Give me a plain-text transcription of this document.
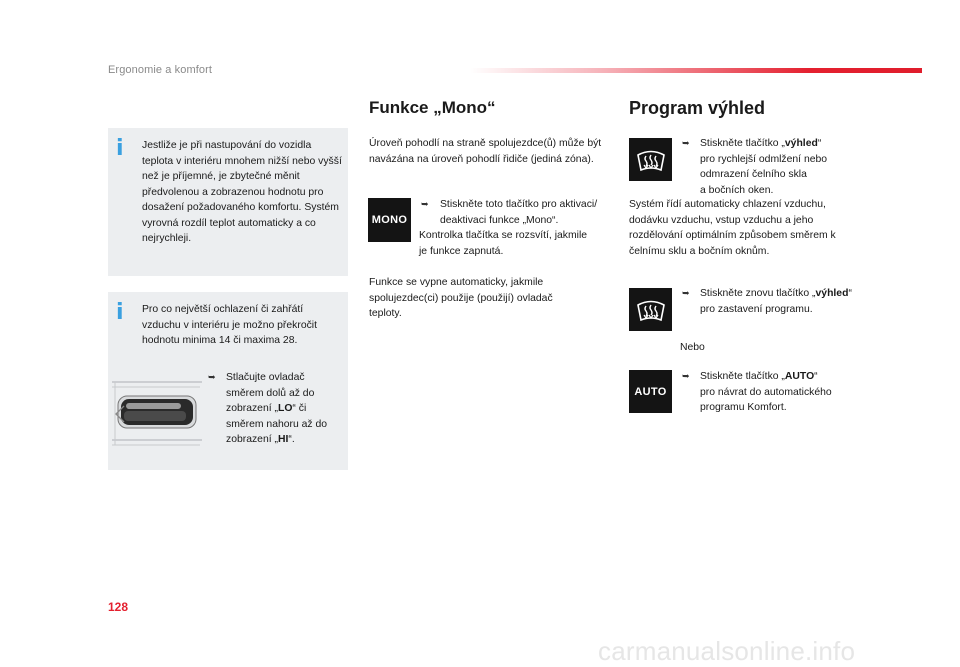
Ergonomie a komfort
i Jestliže je při nastupování do vozidla teplota v interiéru mnohem nižší nebo vyšší než je příjemné, je zbytečné měnit předvolenou a zobrazenou hodnotu pro dosažení požadovaného komfortu. Systém vyrovná rozdíl teplot automaticky a co nejrychleji.
i Pro co největší ochlazení či zahřátí vzduchu v interiéru je možno překročit hodnotu minima 14 či maxima 28.
➥ Stlačujte ovladač
směrem dolů až do
zobrazení „LO“ či
směrem nahoru až do
zobrazení „HI“.
Funkce „Mono“
Úroveň pohodlí na straně spolujezdce(ů) může být navázána na úroveň pohodlí řidiče (jediná zóna).
MONO
➥	Stiskněte toto tlačítko pro aktivaci/
deaktivaci funkce „Mono“.
Kontrolka tlačítka se rozsvítí, jakmile
je funkce zapnutá.
Funkce se vypne automaticky, jakmile spolujezdec(ci) použije (použijí) ovladač teploty.
Program výhled
➥ Stiskněte tlačítko „výhled“
pro rychlejší odmlžení nebo
odmrazení čelního skla
a bočních oken.
Systém řídí automaticky chlazení vzduchu, dodávku vzduchu, vstup vzduchu a jeho rozdělování optimálním způsobem směrem k čelnímu sklu a bočním oknům.
➥ Stiskněte znovu tlačítko „výhled“
pro zastavení programu.
Nebo
AUTO
➥ Stiskněte tlačítko „AUTO“
pro návrat do automatického
programu Komfort.
128
carmanualsonline.info
